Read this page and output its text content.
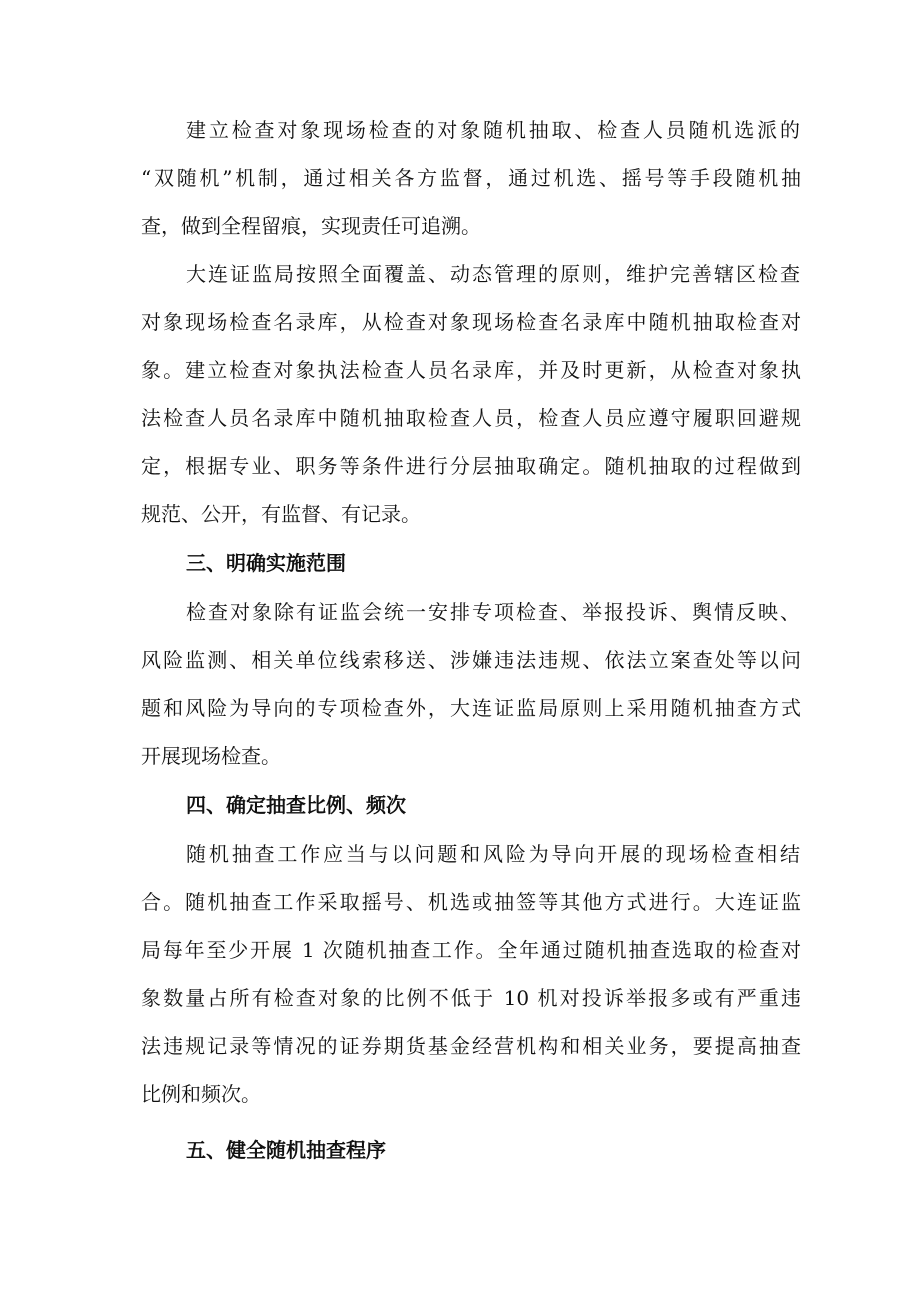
建立检查对象现场检查的对象随机抽取、检查人员随机选派的
“双随机”机制，通过相关各方监督，通过机选、摇号等手段随机抽
查，做到全程留痕，实现责任可追溯。
大连证监局按照全面覆盖、动态管理的原则，维护完善辖区检查
对象现场检查名录库，从检查对象现场检查名录库中随机抽取检查对
象。建立检查对象执法检查人员名录库，并及时更新，从检查对象执
法检查人员名录库中随机抽取检查人员，检查人员应遵守履职回避规
定，根据专业、职务等条件进行分层抽取确定。随机抽取的过程做到
规范、公开，有监督、有记录。
三、明确实施范围
检查对象除有证监会统一安排专项检查、举报投诉、舆情反映、
风险监测、相关单位线索移送、涉嫌违法违规、依法立案查处等以问
题和风险为导向的专项检查外，大连证监局原则上采用随机抽查方式
开展现场检查。
四、确定抽查比例、频次
随机抽查工作应当与以问题和风险为导向开展的现场检查相结
合。随机抽查工作采取摇号、机选或抽签等其他方式进行。大连证监
局每年至少开展 1 次随机抽查工作。全年通过随机抽查选取的检查对
象数量占所有检查对象的比例不低于 10 机对投诉举报多或有严重违
法违规记录等情况的证券期货基金经营机构和相关业务，要提高抽查
比例和频次。
五、健全随机抽查程序
